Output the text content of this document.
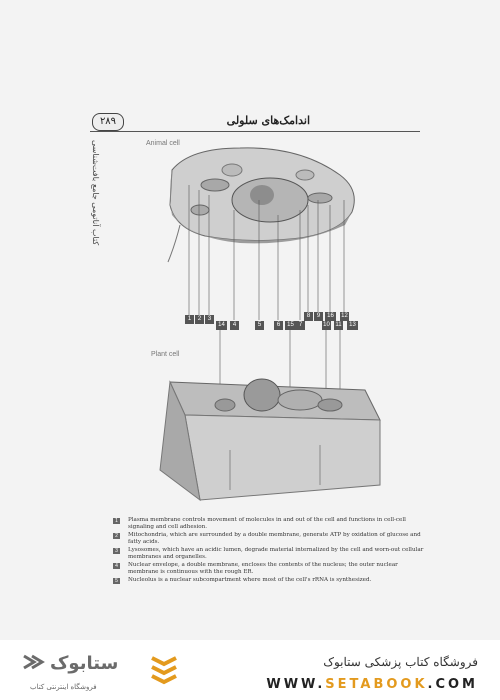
۲۸۹	اندامک‌های سلولی
کتاب آناتومی جامع بافت‌شناسی	Animal cell
Plant cell
1	2	3
4	5	6	7
8	9
10 11
12
14	15
16
13
1	Plasma membrane controls movement of molecules in and out of the cell and functions in cell-cell signaling and cell adhesion.
2	Mitochondria, which are surrounded by a double membrane, generate ATP by oxidation of glucose and fatty acids.
3	Lysosomes, which have an acidic lumen, degrade material internalized by the cell and worn-out cellular membranes and organelles.
4	Nuclear envelope, a double membrane, encloses the contents of the nucleus; the outer nuclear membrane is continuous with the rough ER.
5	Nucleolus is a nuclear subcompartment where most of the cell's rRNA is synthesized.
ستابوک
فروشگاه اینترنتی کتاب
فروشگاه کتاب پزشکی ستابوک
WWW.SETABOOK.COM
